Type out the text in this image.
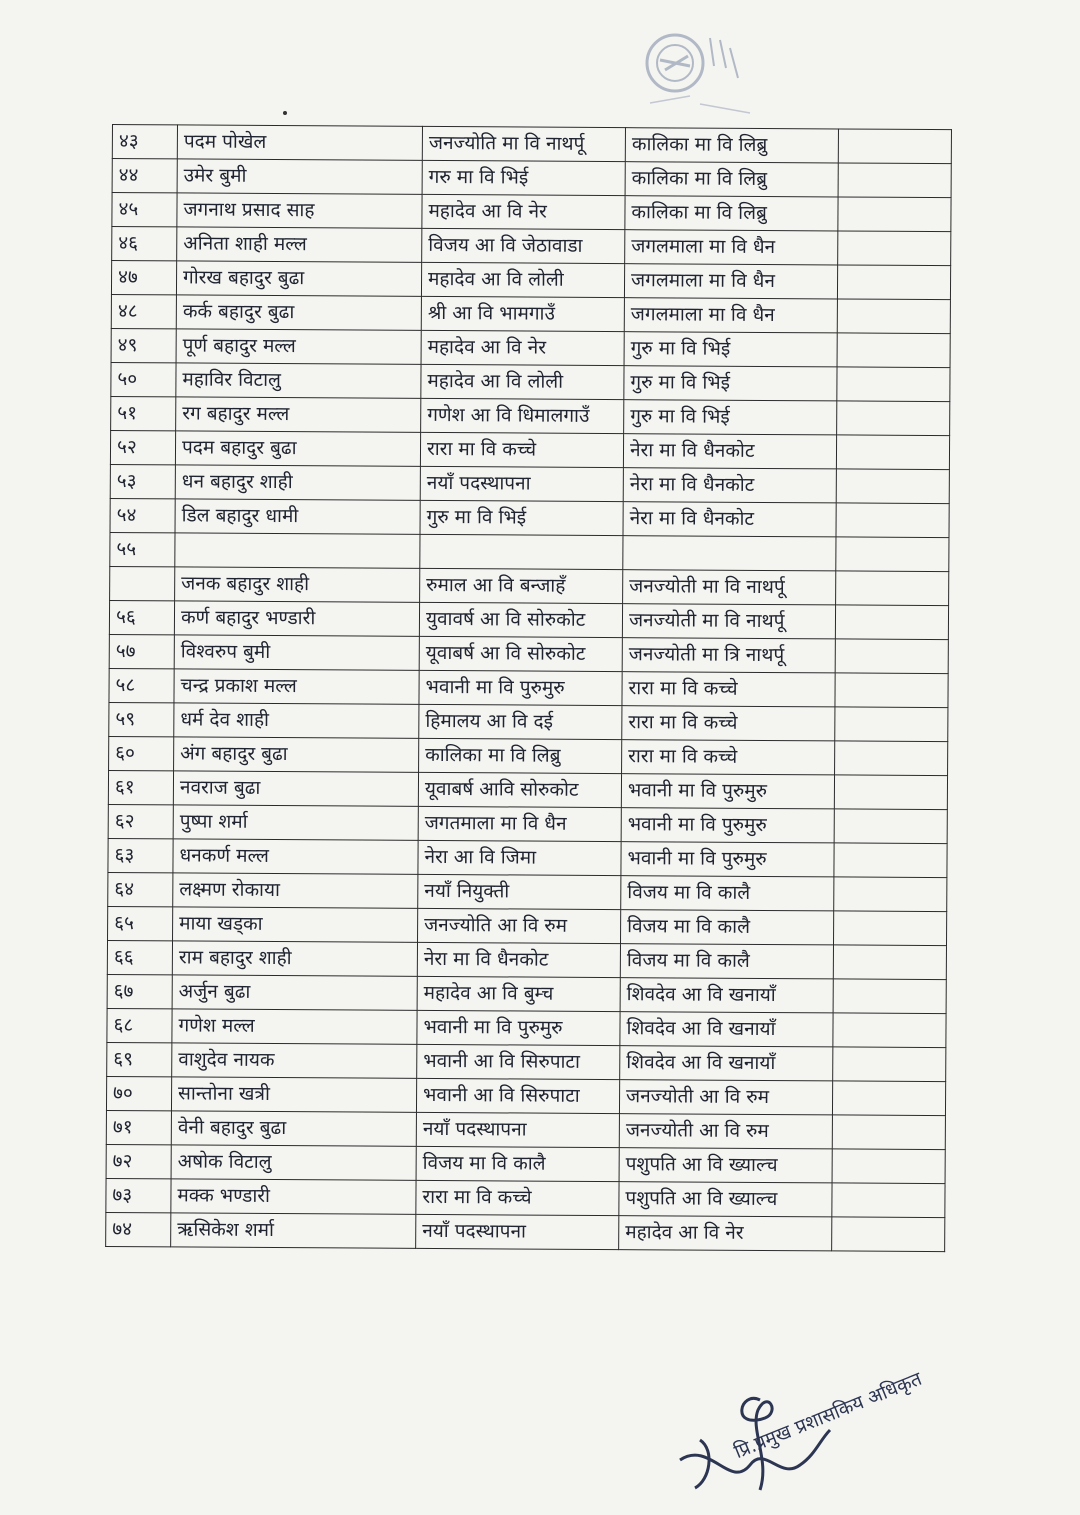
४३	पदम पोखेल	जनज्योति मा वि नाथर्पू	कालिका मा वि लिब्रु	
४४	उमेर बुमी	गरु मा वि भिई	कालिका मा वि लिब्रु	
४५	जगनाथ प्रसाद साह	महादेव आ वि नेर	कालिका मा वि लिब्रु	
४६	अनिता शाही मल्ल	विजय आ वि जेठावाडा	जगलमाला मा वि धैन	
४७	गोरख बहादुर बुढा	महादेव आ वि लोली	जगलमाला मा वि धैन	
४८	कर्क बहादुर बुढा	श्री आ वि भामगाउँ	जगलमाला मा वि धैन	
४९	पूर्ण बहादुर मल्ल	महादेव आ वि नेर	गुरु मा वि भिई	
५०	महाविर विटालु	महादेव आ वि लोली	गुरु मा वि भिई	
५१	रग बहादुर मल्ल	गणेश आ वि धिमालगाउँ	गुरु मा वि भिई	
५२	पदम बहादुर बुढा	रारा मा वि कच्चे	नेरा मा वि धैनकोट	
५३	धन बहादुर शाही	नयाँ पदस्थापना	नेरा मा वि धैनकोट	
५४	डिल बहादुर धामी	गुरु मा वि भिई	नेरा मा वि धैनकोट	
५५				
	जनक बहादुर शाही	रुमाल आ वि बन्जाहँ	जनज्योती मा वि नाथर्पू	
५६	कर्ण बहादुर भण्डारी	युवावर्ष आ वि सोरुकोट	जनज्योती मा वि नाथर्पू	
५७	विश्वरुप बुमी	यूवाबर्ष आ वि सोरुकोट	जनज्योती मा त्रि नाथर्पू	
५८	चन्द्र प्रकाश मल्ल	भवानी मा वि पुरुमुरु	रारा मा वि कच्चे	
५९	धर्म देव शाही	हिमालय आ वि दई	रारा मा वि कच्चे	
६०	अंग बहादुर बुढा	कालिका मा वि लिब्रु	रारा मा वि कच्चे	
६१	नवराज बुढा	यूवाबर्ष आवि सोरुकोट	भवानी मा वि पुरुमुरु	
६२	पुष्पा शर्मा	जगतमाला मा वि धैन	भवानी मा वि पुरुमुरु	
६३	धनकर्ण मल्ल	नेरा आ वि जिमा	भवानी मा वि पुरुमुरु	
६४	लक्ष्मण रोकाया	नयाँ नियुक्ती	विजय मा वि कालै	
६५	माया खड्का	जनज्योति आ वि रुम	विजय मा वि कालै	
६६	राम बहादुर शाही	नेरा मा वि धैनकोट	विजय मा वि कालै	
६७	अर्जुन बुढा	महादेव आ वि बुम्च	शिवदेव आ वि खनायाँ	
६८	गणेश मल्ल	भवानी मा वि पुरुमुरु	शिवदेव आ वि खनायाँ	
६९	वाशुदेव नायक	भवानी आ वि सिरुपाटा	शिवदेव आ वि खनायाँ	
७०	सान्तोना खत्री	भवानी आ वि सिरुपाटा	जनज्योती आ वि रुम	
७१	वेनी बहादुर बुढा	नयाँ पदस्थापना	जनज्योती आ वि रुम	
७२	अषोक विटालु	विजय मा वि कालै	पशुपति आ वि ख्याल्च	
७३	मक्क भण्डारी	रारा मा वि कच्चे	पशुपति आ वि ख्याल्च	
७४	ऋसिकेश शर्मा	नयाँ पदस्थापना	महादेव आ वि नेर	
प्रि.प्रमुख प्रशासकिय अधिकृत
